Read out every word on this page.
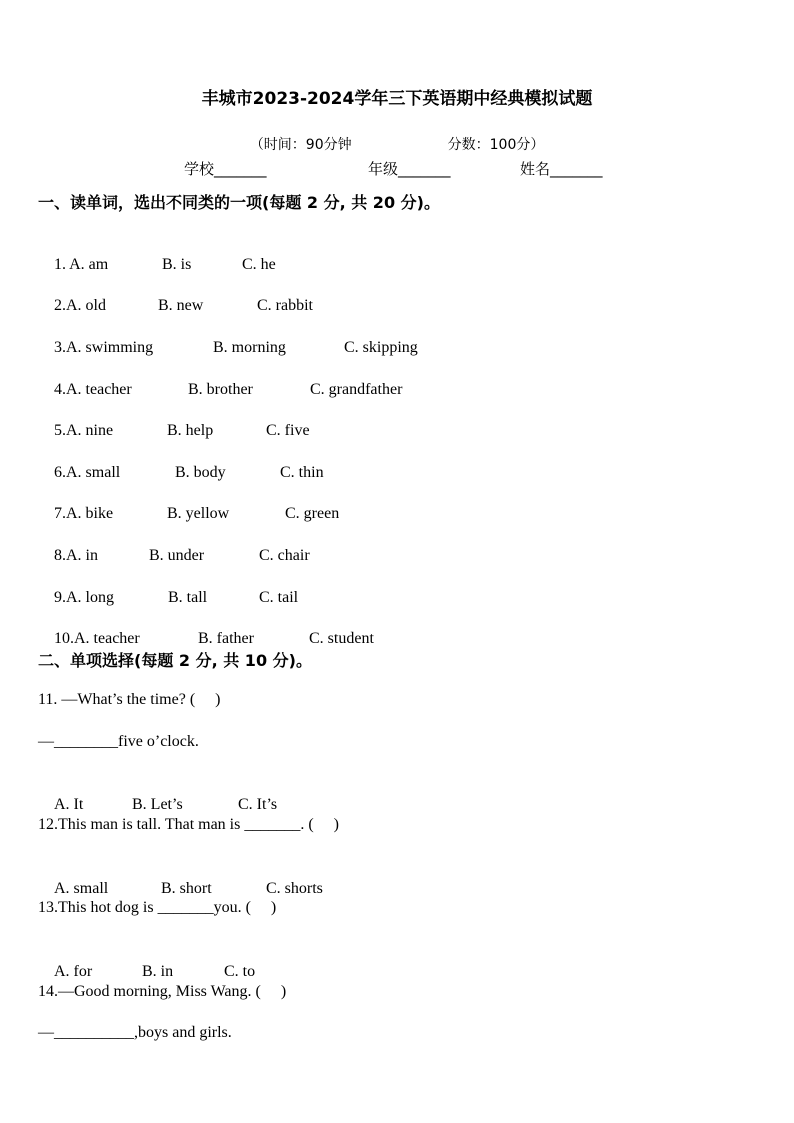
丰城市2023-2024学年三下英语期中经典模拟试题

（时间：90分钟	分数：100分）

学校_______	年级_______	姓名_______
一、读单词，选出不同类的一项(每题 2 分, 共 20 分)。

1. A. am	B. is	C. he

2.A. old	B. new	C. rabbit

3.A. swimming	B. morning	C. skipping

4.A. teacher	B. brother	C. grandfather

5.A. nine	B. help	C. five

6.A. small	B. body	C. thin

7.A. bike	B. yellow	C. green

8.A. in	B. under	C. chair

9.A. long	B. tall	C. tail

10.A. teacher	B. father	C. student

二、单项选择(每题 2 分, 共 10 分)。
11. —What’s the time? (　 )
—________five o’clock.

A. It	B. Let’s	C. It’s

12.This man is tall. That man is _______. (　 )

A. small	B. short	C. shorts

13.This hot dog is _______you. (　 )

A. for	B. in	C. to

14.—Good morning, Miss Wang. (　 )
—__________,boys and girls.
